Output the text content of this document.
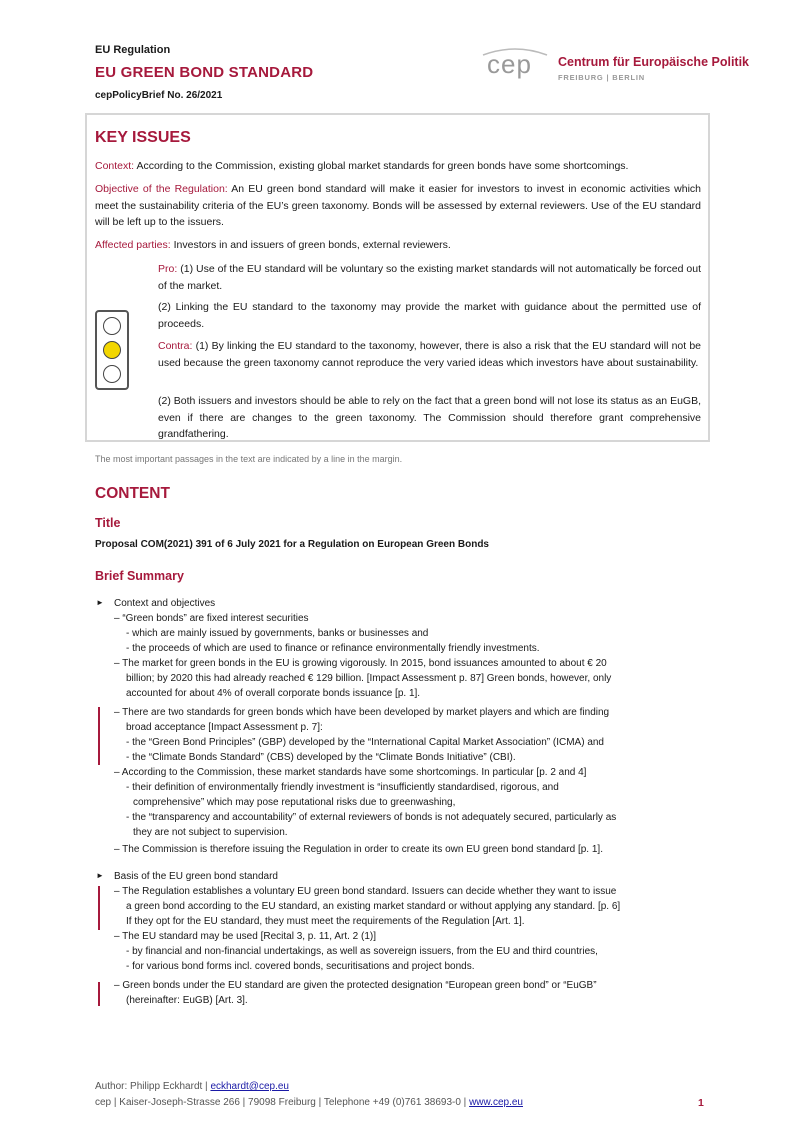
EU Regulation
EU GREEN BOND STANDARD
cepPolicyBrief No. 26/2021
cep Centrum für Europäische Politik
FREIBURG | BERLIN
KEY ISSUES
Context: According to the Commission, existing global market standards for green bonds have some shortcomings.
Objective of the Regulation: An EU green bond standard will make it easier for investors to invest in economic activities which meet the sustainability criteria of the EU’s green taxonomy. Bonds will be assessed by external reviewers. Use of the EU standard will be left up to the issuers.
Affected parties: Investors in and issuers of green bonds, external reviewers.
Pro: (1) Use of the EU standard will be voluntary so the existing market standards will not automatically be forced out of the market.
(2) Linking the EU standard to the taxonomy may provide the market with guidance about the permitted use of proceeds.
Contra: (1) By linking the EU standard to the taxonomy, however, there is also a risk that the EU standard will not be used because the green taxonomy cannot reproduce the very varied ideas which investors have about sustainability.
(2) Both issuers and investors should be able to rely on the fact that a green bond will not lose its status as an EuGB, even if there are changes to the green taxonomy. The Commission should therefore grant comprehensive grandfathering.
The most important passages in the text are indicated by a line in the margin.
CONTENT
Title
Proposal COM(2021) 391 of 6 July 2021 for a Regulation on European Green Bonds
Brief Summary
► Context and objectives
– “Green bonds” are fixed interest securities
- which are mainly issued by governments, banks or businesses and
- the proceeds of which are used to finance or refinance environmentally friendly investments.
– The market for green bonds in the EU is growing vigorously. In 2015, bond issuances amounted to about € 20
billion; by 2020 this had already reached € 129 billion. [Impact Assessment p. 87] Green bonds, however, only
accounted for about 4% of overall corporate bonds issuance [p. 1].
– There are two standards for green bonds which have been developed by market players and which are finding
broad acceptance [Impact Assessment p. 7]:
- the “Green Bond Principles” (GBP) developed by the “International Capital Market Association” (ICMA) and
- the “Climate Bonds Standard” (CBS) developed by the “Climate Bonds Initiative” (CBI).
– According to the Commission, these market standards have some shortcomings. In particular [p. 2 and 4]
- their definition of environmentally friendly investment is “insufficiently standardised, rigorous, and
comprehensive” which may pose reputational risks due to greenwashing,
- the “transparency and accountability” of external reviewers of bonds is not adequately secured, particularly as
they are not subject to supervision.
– The Commission is therefore issuing the Regulation in order to create its own EU green bond standard [p. 1].
► Basis of the EU green bond standard
– The Regulation establishes a voluntary EU green bond standard. Issuers can decide whether they want to issue
a green bond according to the EU standard, an existing market standard or without applying any standard. [p. 6]
If they opt for the EU standard, they must meet the requirements of the Regulation [Art. 1].
– The EU standard may be used [Recital 3, p. 11, Art. 2 (1)]
- by financial and non-financial undertakings, as well as sovereign issuers, from the EU and third countries,
- for various bond forms incl. covered bonds, securitisations and project bonds.
– Green bonds under the EU standard are given the protected designation “European green bond” or “EuGB”
(hereinafter: EuGB) [Art. 3].
Author: Philipp Eckhardt | eckhardt@cep.eu
cep | Kaiser-Joseph-Strasse 266 | 79098 Freiburg | Telephone +49 (0)761 38693-0 | www.cep.eu	1
